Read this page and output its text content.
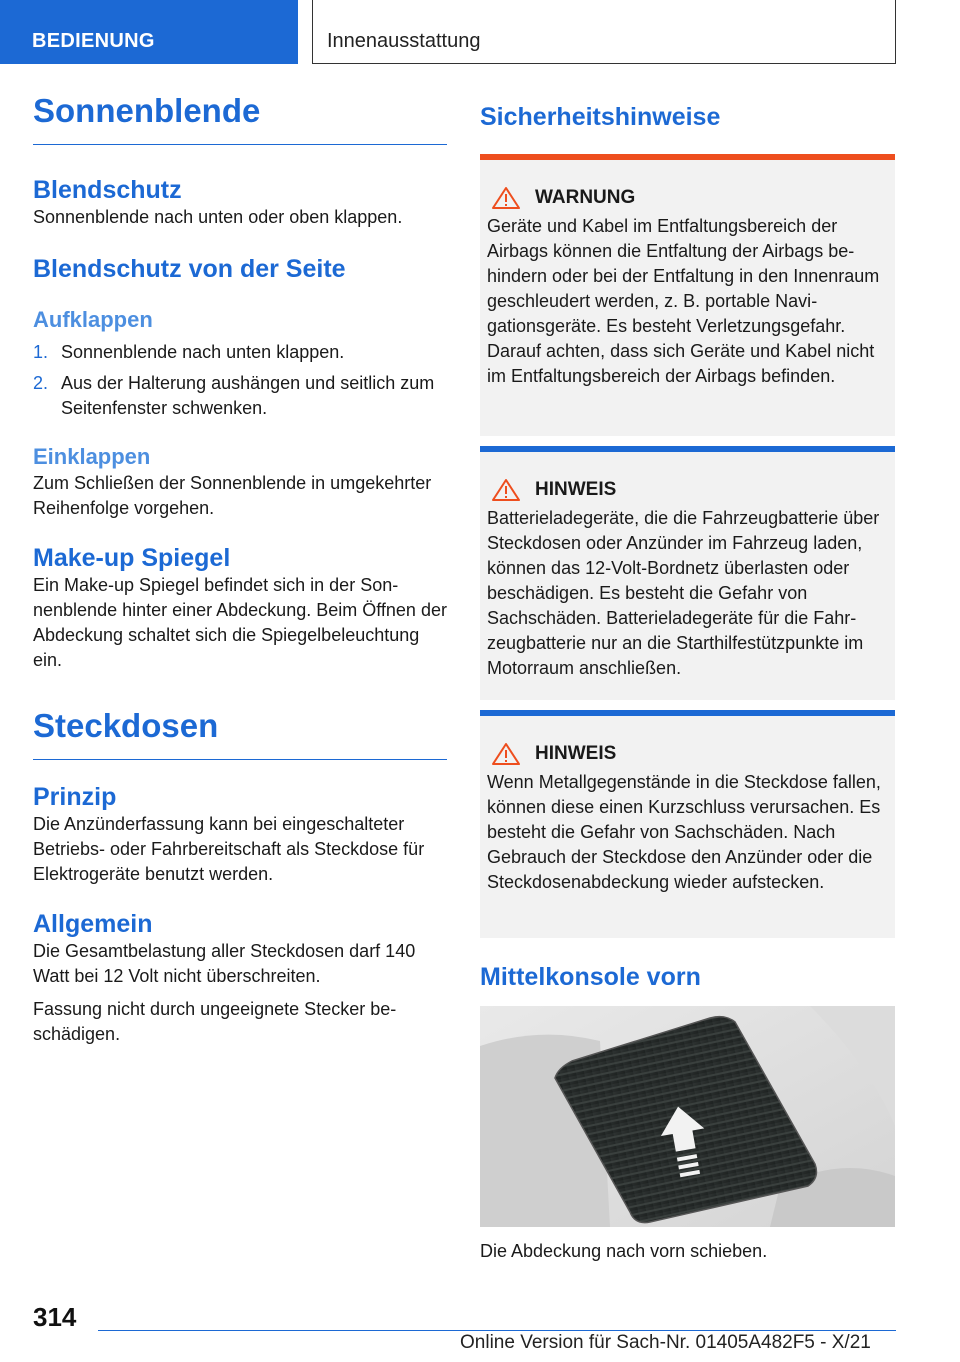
BEDIENUNG	Innenausstattung
Sonnenblende
Blendschutz

Sonnenblende nach unten oder oben klappen.

Blendschutz von der Seite
Aufklappen
1. Sonnenblende nach unten klappen.
2. Aus der Halterung aushängen und seitlich zum Seitenfenster schwenken.
Einklappen

Zum Schließen der Sonnenblende in umgekehrter Reihenfolge vorgehen.

Make-up Spiegel

Ein Make-up Spiegel befindet sich in der Sonnenblende hinter einer Abdeckung. Beim Öffnen der Abdeckung schaltet sich die Spiegelbeleuchtung ein.

Steckdosen
Prinzip

Die Anzünderfassung kann bei eingeschalteter Betriebs- oder Fahrbereitschaft als Steckdose für Elektrogeräte benutzt werden.

Allgemein

Die Gesamtbelastung aller Steckdosen darf 140 Watt bei 12 Volt nicht überschreiten.

Fassung nicht durch ungeeignete Stecker beschädigen.

Sicherheitshinweise
WARNUNG

Geräte und Kabel im Entfaltungsbereich der Airbags können die Entfaltung der Airbags behindern oder bei der Entfaltung in den Innenraum geschleudert werden, z. B. portable Navigationsgeräte. Es besteht Verletzungsgefahr. Darauf achten, dass sich Geräte und Kabel nicht im Entfaltungsbereich der Airbags befinden.

HINWEIS

Batterieladegeräte, die die Fahrzeugbatterie über Steckdosen oder Anzünder im Fahrzeug laden, können das 12-Volt-Bordnetz überlasten oder beschädigen. Es besteht die Gefahr von Sachschäden. Batterieladegeräte für die Fahrzeugbatterie nur an die Starthilfestützpunkte im Motorraum anschließen.

HINWEIS

Wenn Metallgegenstände in die Steckdose fallen, können diese einen Kurzschluss verursachen. Es besteht die Gefahr von Sachschäden. Nach Gebrauch der Steckdose den Anzünder oder die Steckdosenabdeckung wieder aufstecken.

Mittelkonsole vorn

Die Abdeckung nach vorn schieben.

314
Online Version für Sach-Nr. 01405A482F5 - X/21
